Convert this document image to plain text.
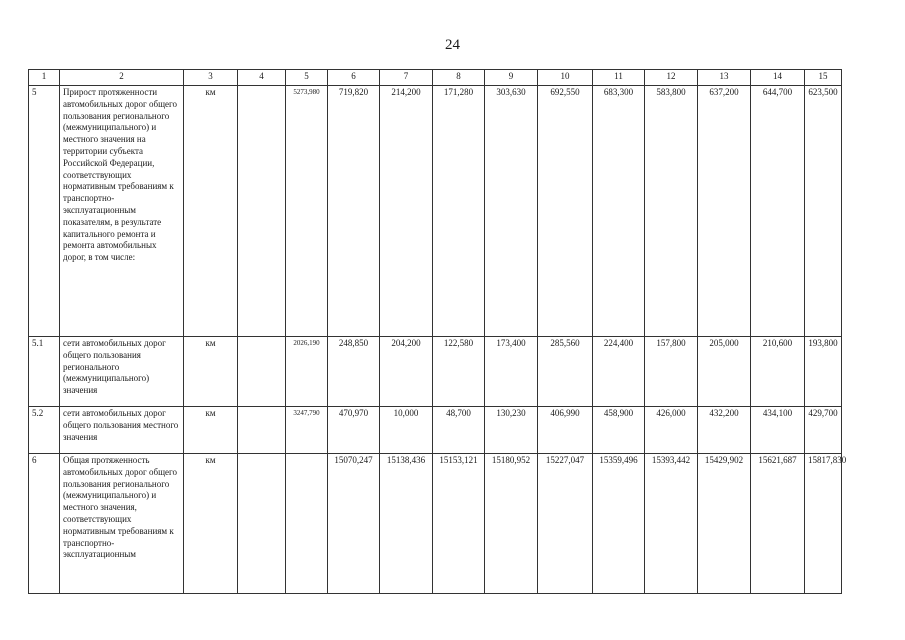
24
1	2	3	4	5	6	7	8	9	10	11	12	13	14	15
5	Прирост протяженности автомобильных дорог общего пользования регионального (межмуниципального) и местного значения на территории субъекта Российской Федерации, соответствующих нормативным требованиям к транспортно-эксплуатационным показателям, в результате капитального ремонта и ремонта автомобильных дорог, в том числе:	км		5273,980	719,820	214,200	171,280	303,630	692,550	683,300	583,800	637,200	644,700	623,500
5.1	сети автомобильных дорог общего пользования регионального (межмуниципального) значения	км		2026,190	248,850	204,200	122,580	173,400	285,560	224,400	157,800	205,000	210,600	193,800
5.2	сети автомобильных дорог общего пользования местного значения	км		3247,790	470,970	10,000	48,700	130,230	406,990	458,900	426,000	432,200	434,100	429,700
6	Общая протяженность автомобильных дорог общего пользования регионального (межмуниципального) и местного значения, соответствующих нормативным требованиям к транспортно-эксплуатационным	км			15070,247	15138,436	15153,121	15180,952	15227,047	15359,496	15393,442	15429,902	15621,687	15817,830
